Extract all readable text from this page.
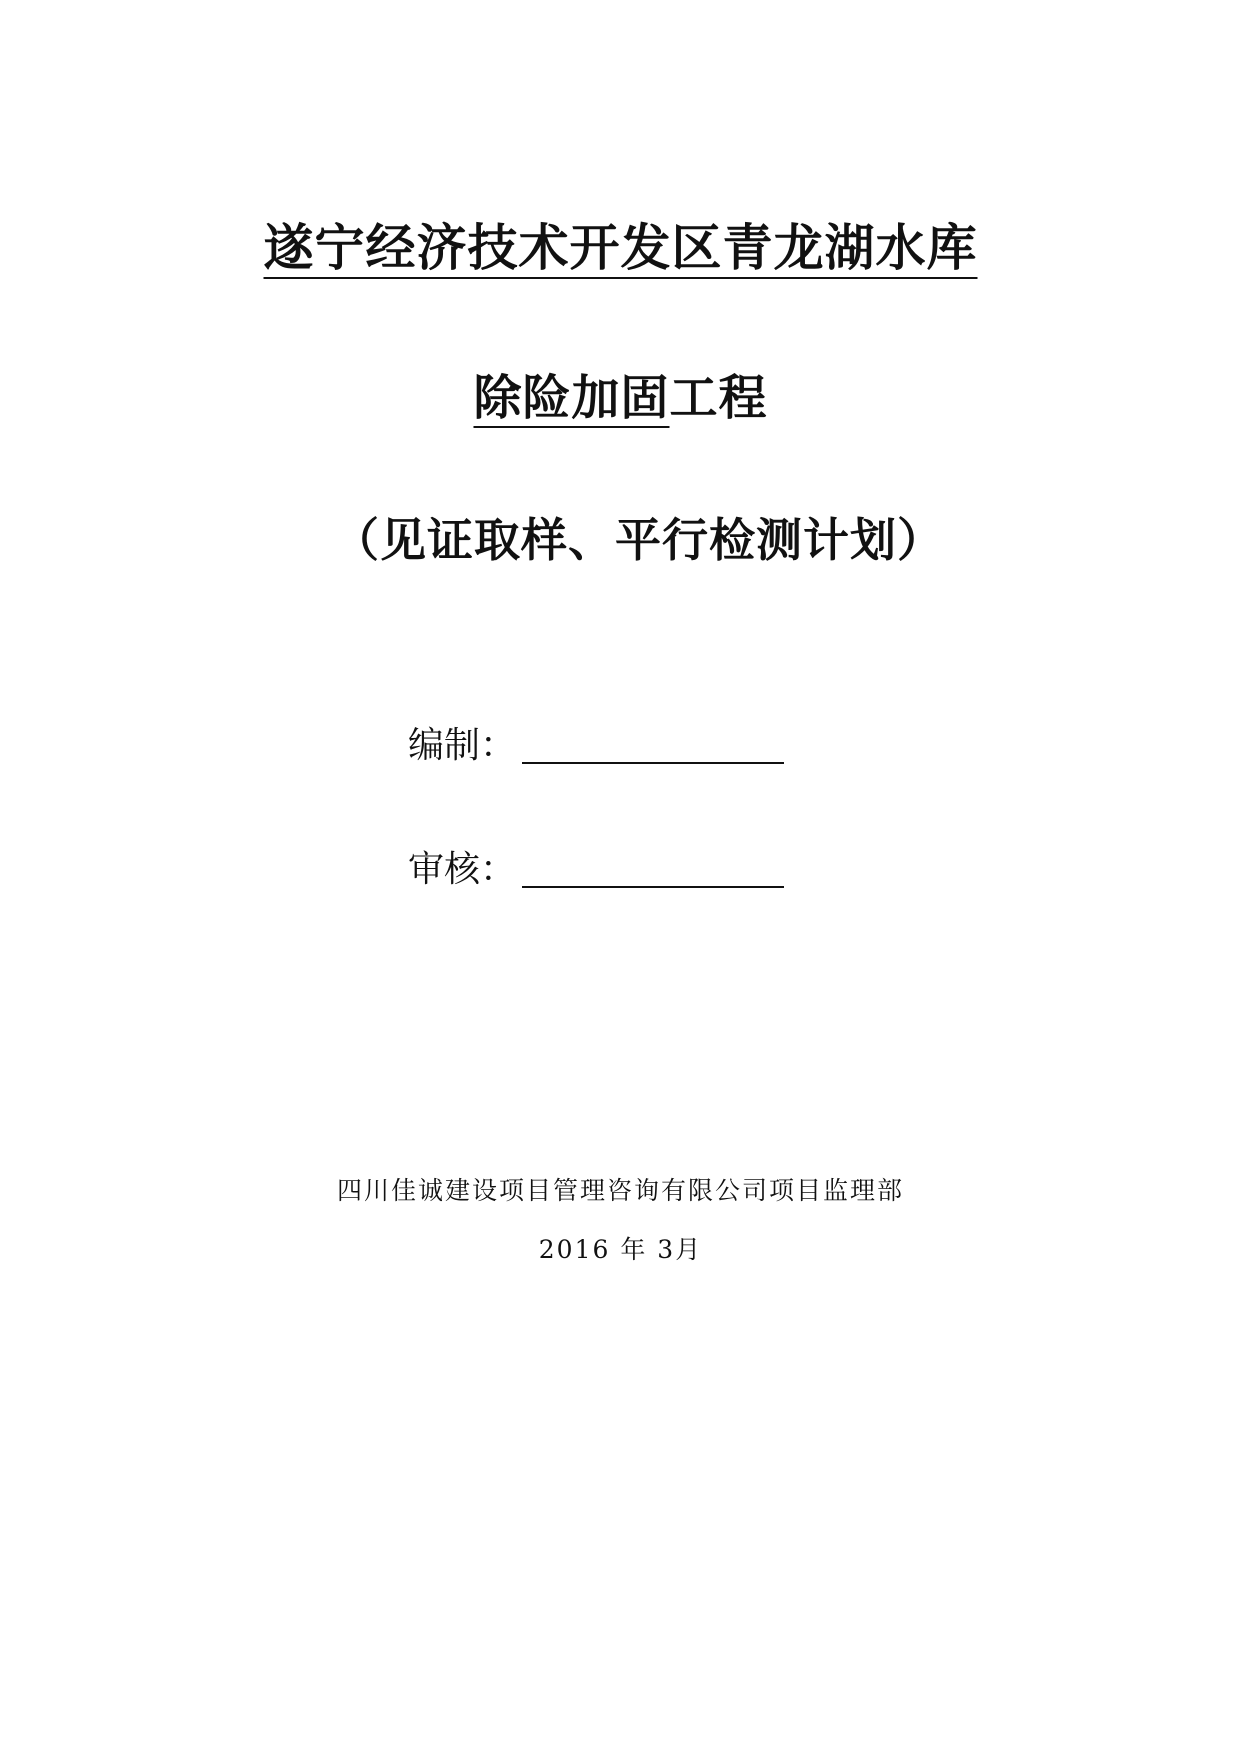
遂宁经济技术开发区青龙湖水库
除险加固工程
（见证取样、平行检测计划）
编制：
审核：
四川佳诚建设项目管理咨询有限公司项目监理部
2016 年 3月
